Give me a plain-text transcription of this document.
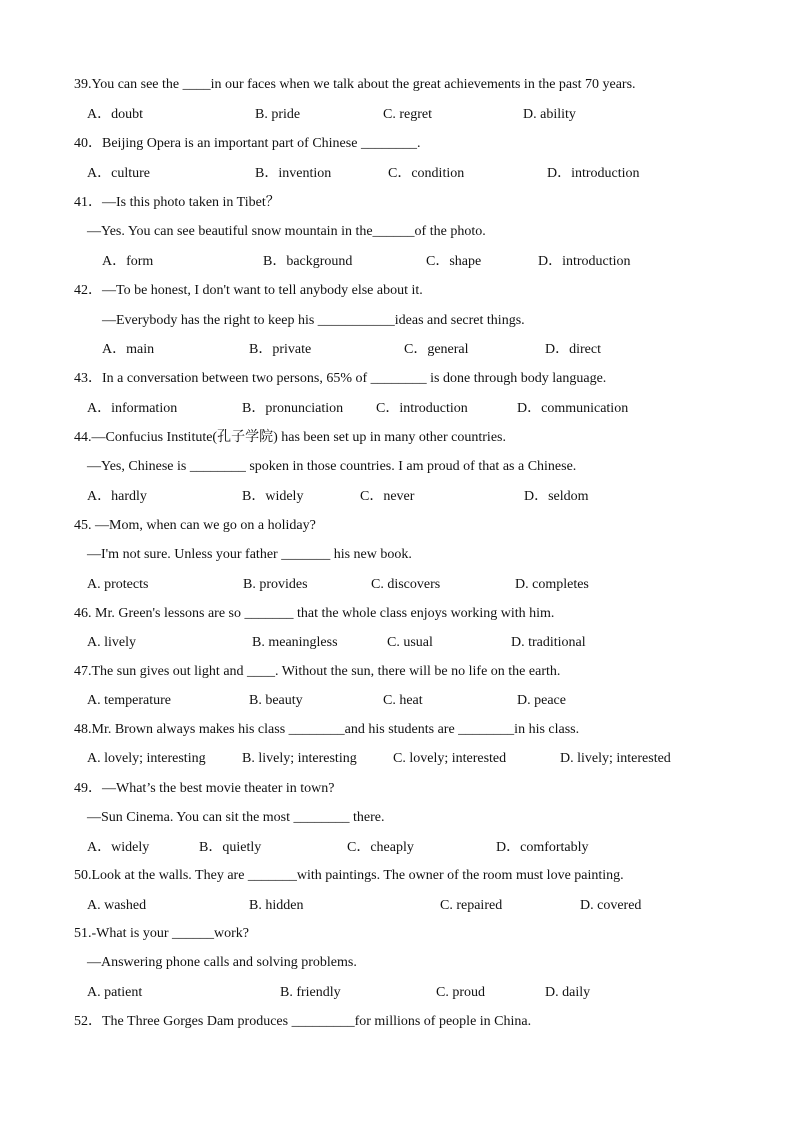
39.You can see the ____in our faces when we talk about the great achievements in the past 70 years.
A．doubt	B. pride	C. regret	D. ability
40．Beijing Opera is an important part of Chinese ________.
A．culture	B．invention	C．condition	D．introduction
41．—Is this photo taken in Tibet？
—Yes. You can see beautiful snow mountain in the______of the photo.
A．form	B．background	C．shape	D．introduction
42．—To be honest, I don't want to tell anybody else about it.
—Everybody has the right to keep his ___________ideas and secret things.
A．main	B．private	C．general	D．direct
43．In a conversation between two persons, 65% of ________ is done through body language.
A．information	B．pronunciation C．introduction	D．communication
44.—Confucius Institute(孔子学院) has been set up in many other countries.
—Yes, Chinese is ________ spoken in those countries. I am proud of that as a Chinese.
A．hardly	B．widely	C．never	D．seldom
45. —Mom, when can we go on a holiday?
—I'm not sure. Unless your father _______ his new book.
A. protects	B. provides	C. discovers	D. completes
46. Mr. Green's lessons are so _______ that the whole class enjoys working with him.
A. lively	B. meaningless	C. usual	D. traditional
47.The sun gives out light and ____. Without the sun, there will be no life on the earth.
A. temperature	B. beauty	C. heat	D. peace
48.Mr. Brown always makes his class ________and his students are ________in his class.
A. lovely; interesting	B. lively; interesting	C. lovely; interested	D. lively; interested
49．—What’s the best movie theater in town?
—Sun Cinema. You can sit the most ________ there.
A．widely	B．quietly	C．cheaply	D．comfortably
50.Look at the walls. They are _______with paintings. The owner of the room must love painting.
A. washed	B. hidden	C. repaired	D. covered
51.-What is your ______work?
—Answering phone calls and solving problems.
A. patient	B. friendly	C. proud	D. daily
52．The Three Gorges Dam produces _________for millions of people in China.
